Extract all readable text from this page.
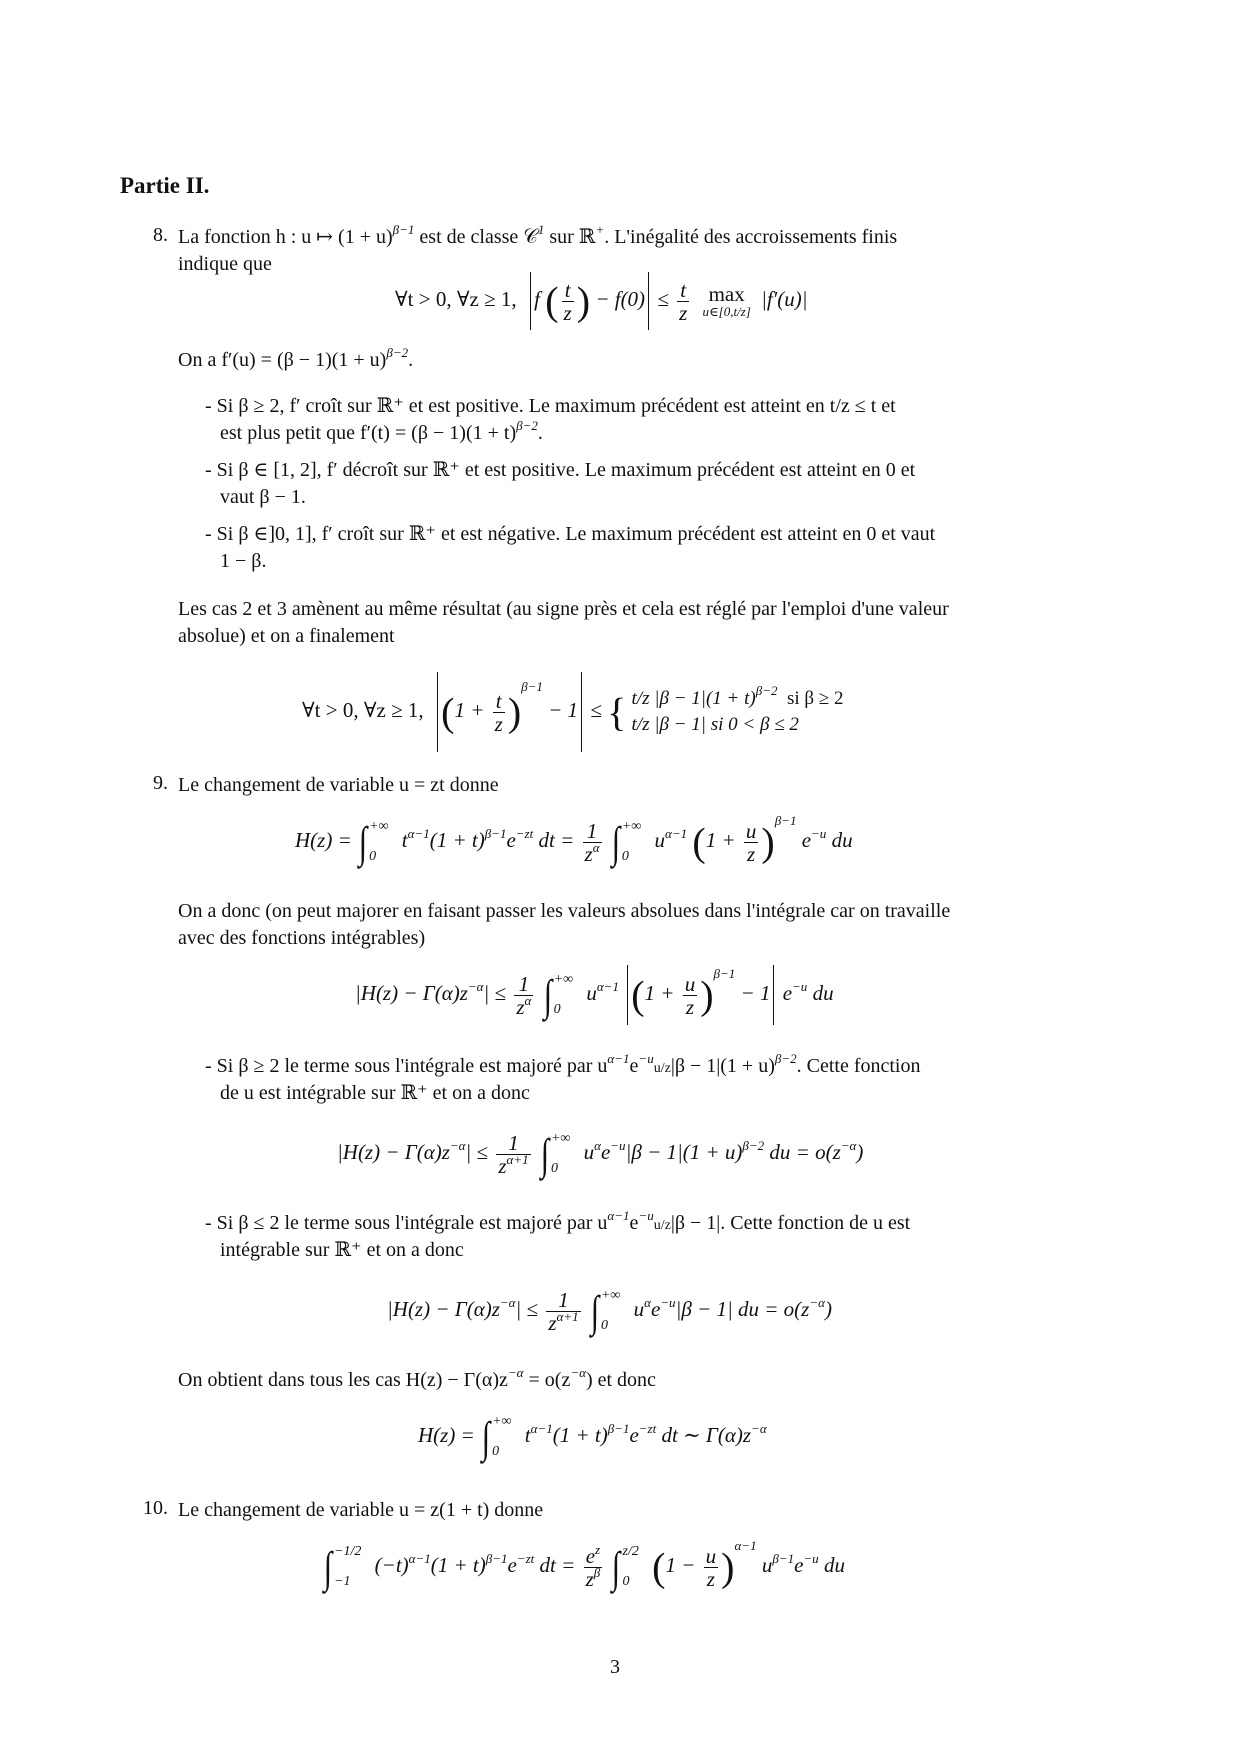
Partie II.
8. La fonction h : u ↦ $(1 + u)^{\beta-1}$ est de classe 𝒞$^1$ sur ℝ+. L'inégalité des accroissements finis
indique que
∀t > 0, ∀z ≥ 1, f ( $\frac{t}{z}$ ) − $f(0) \le \frac{t}{z}$
max
u∈[0,t/z]
|f′(u)|
On a $f'(u) = (\beta - 1)(1 + u)^{\beta-2}$.
- Si β ≥ 2, f′ croît sur ℝ⁺ et est positive. Le maximum précédent est atteint en t/z ≤ t et
est plus petit que $f'(t) = (\beta - 1)(1 + t)^{\beta-2}$.
- Si β ∈ [1, 2], f′ décroît sur ℝ⁺ et est positive. Le maximum précédent est atteint en 0 et
vaut β − 1.
- Si β ∈]0, 1], f′ croît sur ℝ⁺ et est négative. Le maximum précédent est atteint en 0 et vaut
1 − β.
Les cas 2 et 3 amènent au même résultat (au signe près et cela est réglé par l'emploi d'une valeur
absolue) et on a finalement
∀t > 0, ∀z ≥ 1, $(1 + \frac{t}{z} )^{\beta-1} - 1$ ≤ { t/z $|\beta - 1|(1 + t)^{\beta-2}$ si β ≥ 2
t/z |β − 1| si 0 < β ≤ 2
9. Le changement de variable u = zt donne
H(z) = ∫ +∞
0
$t^{\alpha-1}(1 + t)^{\beta-1}e^{-zt}$ dt = $\frac{1}{z^\alpha}$ ∫ +∞
0
$u^{\alpha-1}$ $(1 + \frac{u}{z} )^{\beta-1}$ $e^{-u}$ du
On a donc (on peut majorer en faisant passer les valeurs absolues dans l'intégrale car on travaille
avec des fonctions intégrables)
$|H(z) - \Gamma(\alpha)z^{-\alpha}| \le \frac{1}{z^\alpha}$ ∫ +∞
0
$u^{\alpha-1}$ $(1 + \frac{u}{z} )^{\beta-1} - 1$ $e^{-u}$ du
- Si β ≥ 2 le terme sous l'intégrale est majoré par $u^{\alpha-1}e^{-u}u/z|\beta - 1|(1 + u)^{\beta-2}$. Cette fonction
de u est intégrable sur ℝ⁺ et on a donc
$|H(z) - \Gamma(\alpha)z^{-\alpha}| \le \frac{1}{z^{\alpha+1}}$ ∫ +∞
0
$u^\alpha e^{-u}|\beta - 1|(1 + u)^{\beta-2}$ du = $o(z^{-\alpha})$
- Si β ≤ 2 le terme sous l'intégrale est majoré par $u^{\alpha-1}e^{-u}u/z|\beta - 1|$. Cette fonction de u est
intégrable sur ℝ⁺ et on a donc
$|H(z) - \Gamma(\alpha)z^{-\alpha}| \le \frac{1}{z^{\alpha+1}}$ ∫ +∞
0
$u^\alpha e^{-u}|\beta - 1|$ du = $o(z^{-\alpha})$
On obtient dans tous les cas $H(z) - \Gamma(\alpha)z^{-\alpha} = o(z^{-\alpha})$ et donc
H(z) = ∫ +∞
0
$t^{\alpha-1}(1 + t)^{\beta-1}e^{-zt}$ dt ∼ $\Gamma(\alpha)z^{-\alpha}$
10. Le changement de variable u = z(1 + t) donne
∫ −1/2
−1
$(-t)^{\alpha-1}(1 + t)^{\beta-1}e^{-zt}$ dt = $\frac{e^z}{z^\beta}$ ∫ z/2
0 $(1 - \frac{u}{z} )^{\alpha-1}$ $u^{\beta-1}e^{-u}$ du
3
